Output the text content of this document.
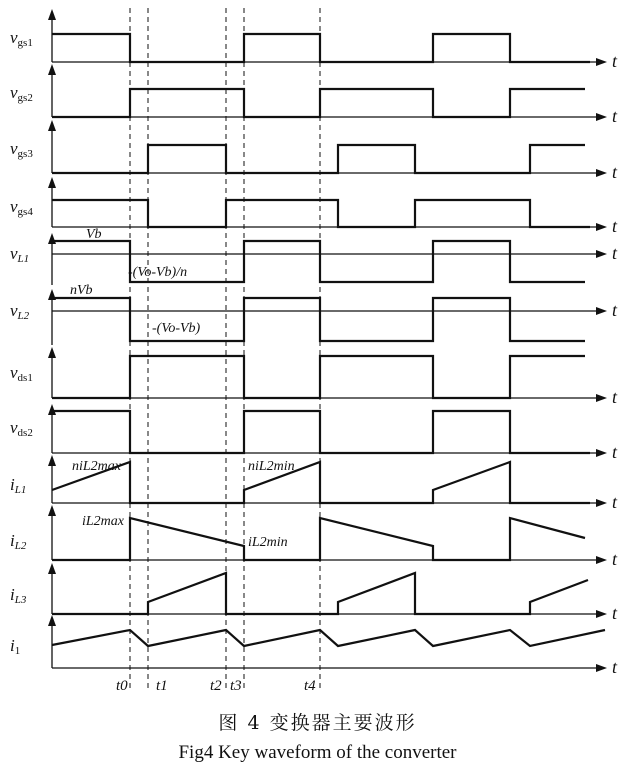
vgs1
vgs2
vgs3
vgs4
vL1
vL2
vds1
vds2
iL1
iL2
iL3
i1
t
t
t
t
t
t
t
t
t
t
t
t
Vb
-(Vo-Vb)/n
nVb
-(Vo-Vb)
niL2max	niL2min
iL2max
iL2min
t0 t1	t2 t3	t4
图 4 变换器主要波形
Fig4 Key waveform of the converter
